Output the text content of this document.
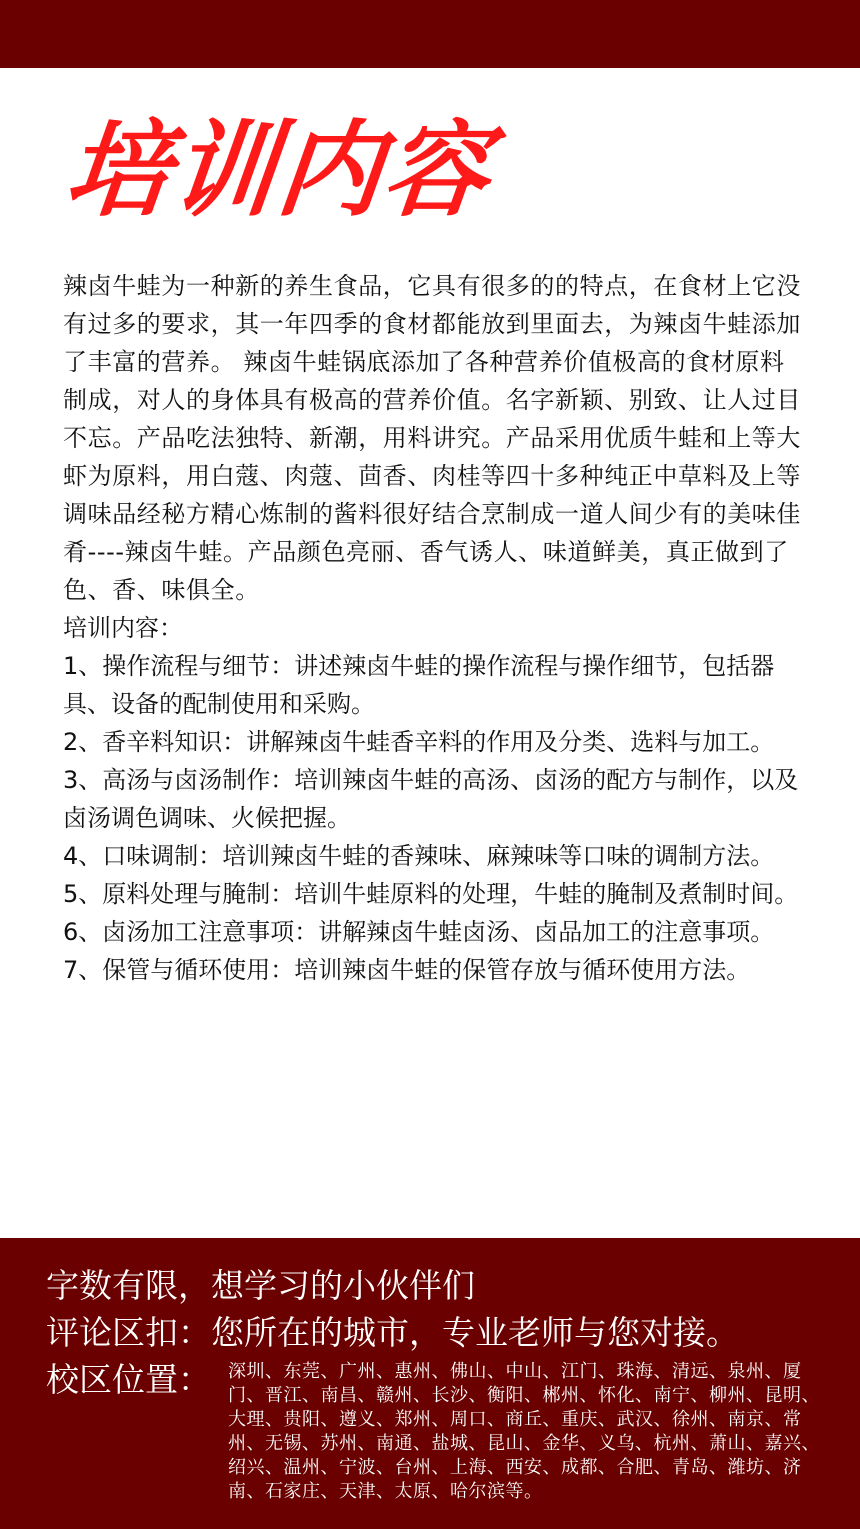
培训内容

辣卤牛蛙为一种新的养生食品，它具有很多的的特点，在食材上它没有过多的要求，其一年四季的食材都能放到里面去，为辣卤牛蛙添加了丰富的营养。 辣卤牛蛙锅底添加了各种营养价值极高的食材原料制成，对人的身体具有极高的营养价值。名字新颖、别致、让人过目不忘。产品吃法独特、新潮，用料讲究。产品采用优质牛蛙和上等大虾为原料，用白蔻、肉蔻、茴香、肉桂等四十多种纯正中草料及上等调味品经秘方精心炼制的酱料很好结合烹制成一道人间少有的美味佳肴----辣卤牛蛙。产品颜色亮丽、香气诱人、味道鲜美，真正做到了色、香、味俱全。

培训内容：

1、操作流程与细节：讲述辣卤牛蛙的操作流程与操作细节，包括器具、设备的配制使用和采购。
2、香辛料知识：讲解辣卤牛蛙香辛料的作用及分类、选料与加工。
3、高汤与卤汤制作：培训辣卤牛蛙的高汤、卤汤的配方与制作，以及卤汤调色调味、火候把握。
4、口味调制：培训辣卤牛蛙的香辣味、麻辣味等口味的调制方法。
5、原料处理与腌制：培训牛蛙原料的处理，牛蛙的腌制及煮制时间。
6、卤汤加工注意事项：讲解辣卤牛蛙卤汤、卤品加工的注意事项。
7、保管与循环使用：培训辣卤牛蛙的保管存放与循环使用方法。
字数有限，想学习的小伙伴们
评论区扣：您所在的城市，专业老师与您对接。
校区位置： 深圳、东莞、广州、惠州、佛山、中山、江门、珠海、清远、泉州、厦门、晋江、南昌、赣州、长沙、衡阳、郴州、怀化、南宁、柳州、昆明、大理、贵阳、遵义、郑州、周口、商丘、重庆、武汉、徐州、南京、常州、无锡、苏州、南通、盐城、昆山、金华、义乌、杭州、萧山、嘉兴、绍兴、温州、宁波、台州、上海、西安、成都、合肥、青岛、潍坊、济南、石家庄、天津、太原、哈尔滨等。
